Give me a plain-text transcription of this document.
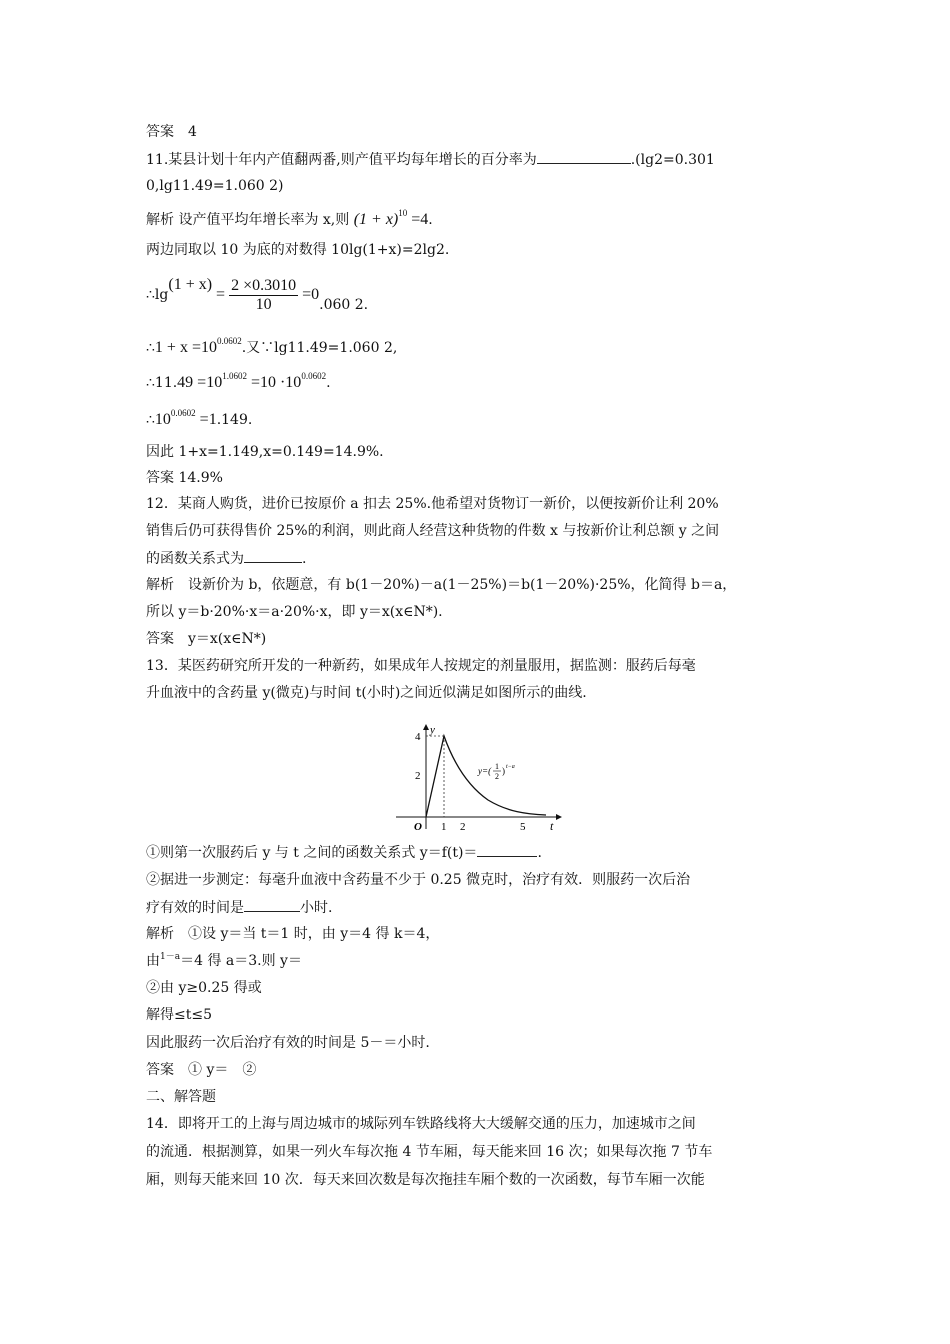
答案　4
11.某县计划十年内产值翻两番,则产值平均每年增长的百分率为	.(lg2=0.301
0,lg11.49=1.060 2)
解析 设产值平均年增长率为 x,则 $(1 + x)^{10} =4$.
两边同取以 10 为底的对数得 10lg(1+x)=2lg2.
∴lg(1 + $x) = \frac{2 \times 0.3010}{10} =0.060$ 2.
∴1 + $x =10^{0.0602}$.又∵lg11.49=1.060 2,
∴11.49 $=10^{1.0602} =10 \cdot 10^{0.0602}$.
$\therefore 10^{0.0602} =1.149$.
因此 1+x=1.149,x=0.149=14.9%.
答案 14.9%
12．某商人购货，进价已按原价 a 扣去 25%.他希望对货物订一新价，以便按新价让利 20%
销售后仍可获得售价 25%的利润，则此商人经营这种货物的件数 x 与按新价让利总额 y 之间
的函数关系式为	.
解析　设新价为 b，依题意，有 b(1－20%)－a(1－25%)＝b(1－20%)·25%，化简得 b＝a，
所以 y＝b·20%·x＝a·20%·x，即 y＝x(x∈N*).
答案　y＝x(x∈N*)
13．某医药研究所开发的一种新药，如果成年人按规定的剂量服用，据监测：服药后每毫
升血液中的含药量 y(微克)与时间 t(小时)之间近似满足如图所示的曲线.
y
t
O
4
2
1 2	5
y=( 1
2
) t−a
①则第一次服药后 y 与 t 之间的函数关系式 y＝f(t)＝	.
②据进一步测定：每毫升血液中含药量不少于 0.25 微克时，治疗有效．则服药一次后治
疗有效的时间是	小时.
解析　①设 y＝当 t＝1 时，由 y＝4 得 k＝4，
由$^{1-a}$＝4 得 a＝3.则 y＝
②由 y≥0.25 得或
解得≤t≤5
因此服药一次后治疗有效的时间是 5－＝小时.
答案　① y＝　②
二、解答题
14．即将开工的上海与周边城市的城际列车铁路线将大大缓解交通的压力，加速城市之间
的流通．根据测算，如果一列火车每次拖 4 节车厢，每天能来回 16 次；如果每次拖 7 节车
厢，则每天能来回 10 次．每天来回次数是每次拖挂车厢个数的一次函数，每节车厢一次能
